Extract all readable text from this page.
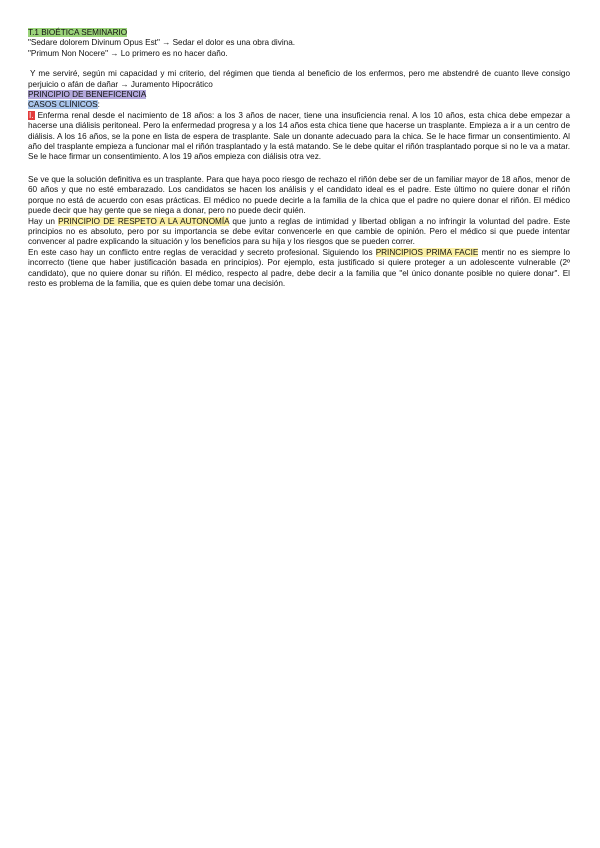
T.1 BIOÉTICA SEMINARIO

"Sedare dolorem Divinum Opus Est" → Sedar el dolor es una obra divina.

"Primum Non Nocere" → Lo primero es no hacer daño.

Y me serviré, según mi capacidad y mi criterio, del régimen que tienda al beneficio de los enfermos, pero me abstendré de cuanto lleve consigo perjuicio o afán de dañar → Juramento Hipocrático

PRINCIPIO DE BENEFICENCIA

CASOS CLÍNICOS:

I. Enferma renal desde el nacimiento de 18 años: a los 3 años de nacer, tiene una insuficiencia renal. A los 10 años, esta chica debe empezar a hacerse una diálisis peritoneal. Pero la enfermedad progresa y a los 14 años esta chica tiene que hacerse un trasplante. Empieza a ir a un centro de diálisis. A los 16 años, se la pone en lista de espera de trasplante. Sale un donante adecuado para la chica. Se le hace firmar un consentimiento. Al año del trasplante empieza a funcionar mal el riñón trasplantado y la está matando. Se le debe quitar el riñón trasplantado porque si no le va a matar. Se le hace firmar un consentimiento. A los 19 años empieza con diálisis otra vez.

Se ve que la solución definitiva es un trasplante. Para que haya poco riesgo de rechazo el riñón debe ser de un familiar mayor de 18 años, menor de 60 años y que no esté embarazado. Los candidatos se hacen los análisis y el candidato ideal es el padre. Este último no quiere donar el riñón porque no está de acuerdo con esas prácticas. El médico no puede decirle a la familia de la chica que el padre no quiere donar el riñón. El médico puede decir que hay gente que se niega a donar, pero no puede decir quién.

Hay un PRINCIPIO DE RESPETO A LA AUTONOMÍA que junto a reglas de intimidad y libertad obligan a no infringir la voluntad del padre. Este principios no es absoluto, pero por su importancia se debe evitar convencerle en que cambie de opinión. Pero el médico si que puede intentar convencer al padre explicando la situación y los beneficios para su hija y los riesgos que se pueden correr.

En este caso hay un conflicto entre reglas de veracidad y secreto profesional. Siguiendo los PRINCIPIOS PRIMA FACIE mentir no es siempre lo incorrecto (tiene que haber justificación basada en principios). Por ejemplo, esta justificado si quiere proteger a un adolescente vulnerable (2º candidato), que no quiere donar su riñón. El médico, respecto al padre, debe decir a la familia que "el único donante posible no quiere donar". El resto es problema de la familia, que es quien debe tomar una decisión.
